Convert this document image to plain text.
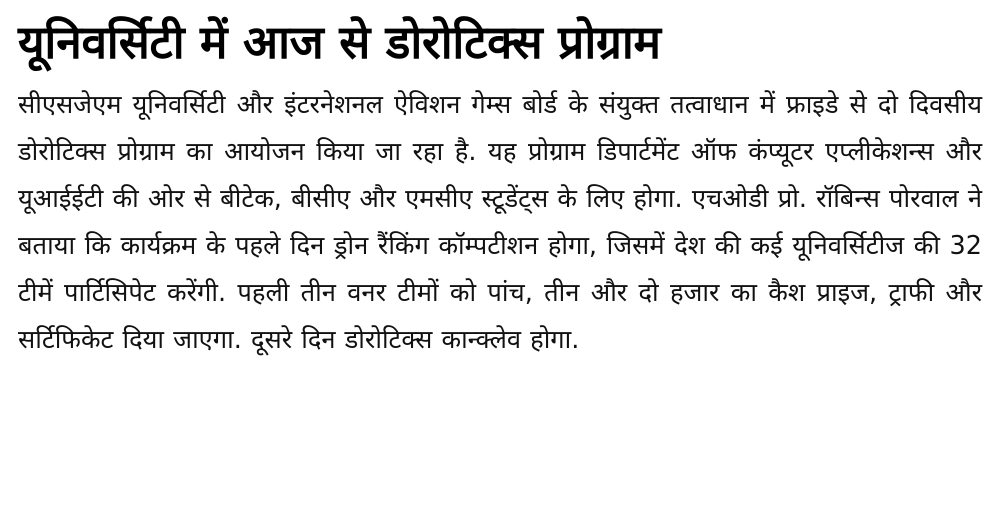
यूनिवर्सिटी में आज से डोरोटिक्स प्रोग्राम

सीएसजेएम यूनिवर्सिटी और इंटरनेशनल ऐविशन गेम्स बोर्ड के संयुक्त तत्वाधान में फ्राइडे से दो दिवसीय डोरोटिक्स प्रोग्राम का आयोजन किया जा रहा है. यह प्रोग्राम डिपार्टमेंट ऑफ कंप्यूटर एप्लीकेशन्स और यूआईईटी की ओर से बीटेक, बीसीए और एमसीए स्टूडेंट्स के लिए होगा. एचओडी प्रो. रॉबिन्स पोरवाल ने बताया कि कार्यक्रम के पहले दिन ड्रोन रैंकिंग कॉम्पटीशन होगा, जिसमें देश की कई यूनिवर्सिटीज की 32 टीमें पार्टिसिपेट करेंगी. पहली तीन वनर टीमों को पांच, तीन और दो हजार का कैश प्राइज, ट्राफी और सर्टिफिकेट दिया जाएगा. दूसरे दिन डोरोटिक्स कान्क्लेव होगा.
